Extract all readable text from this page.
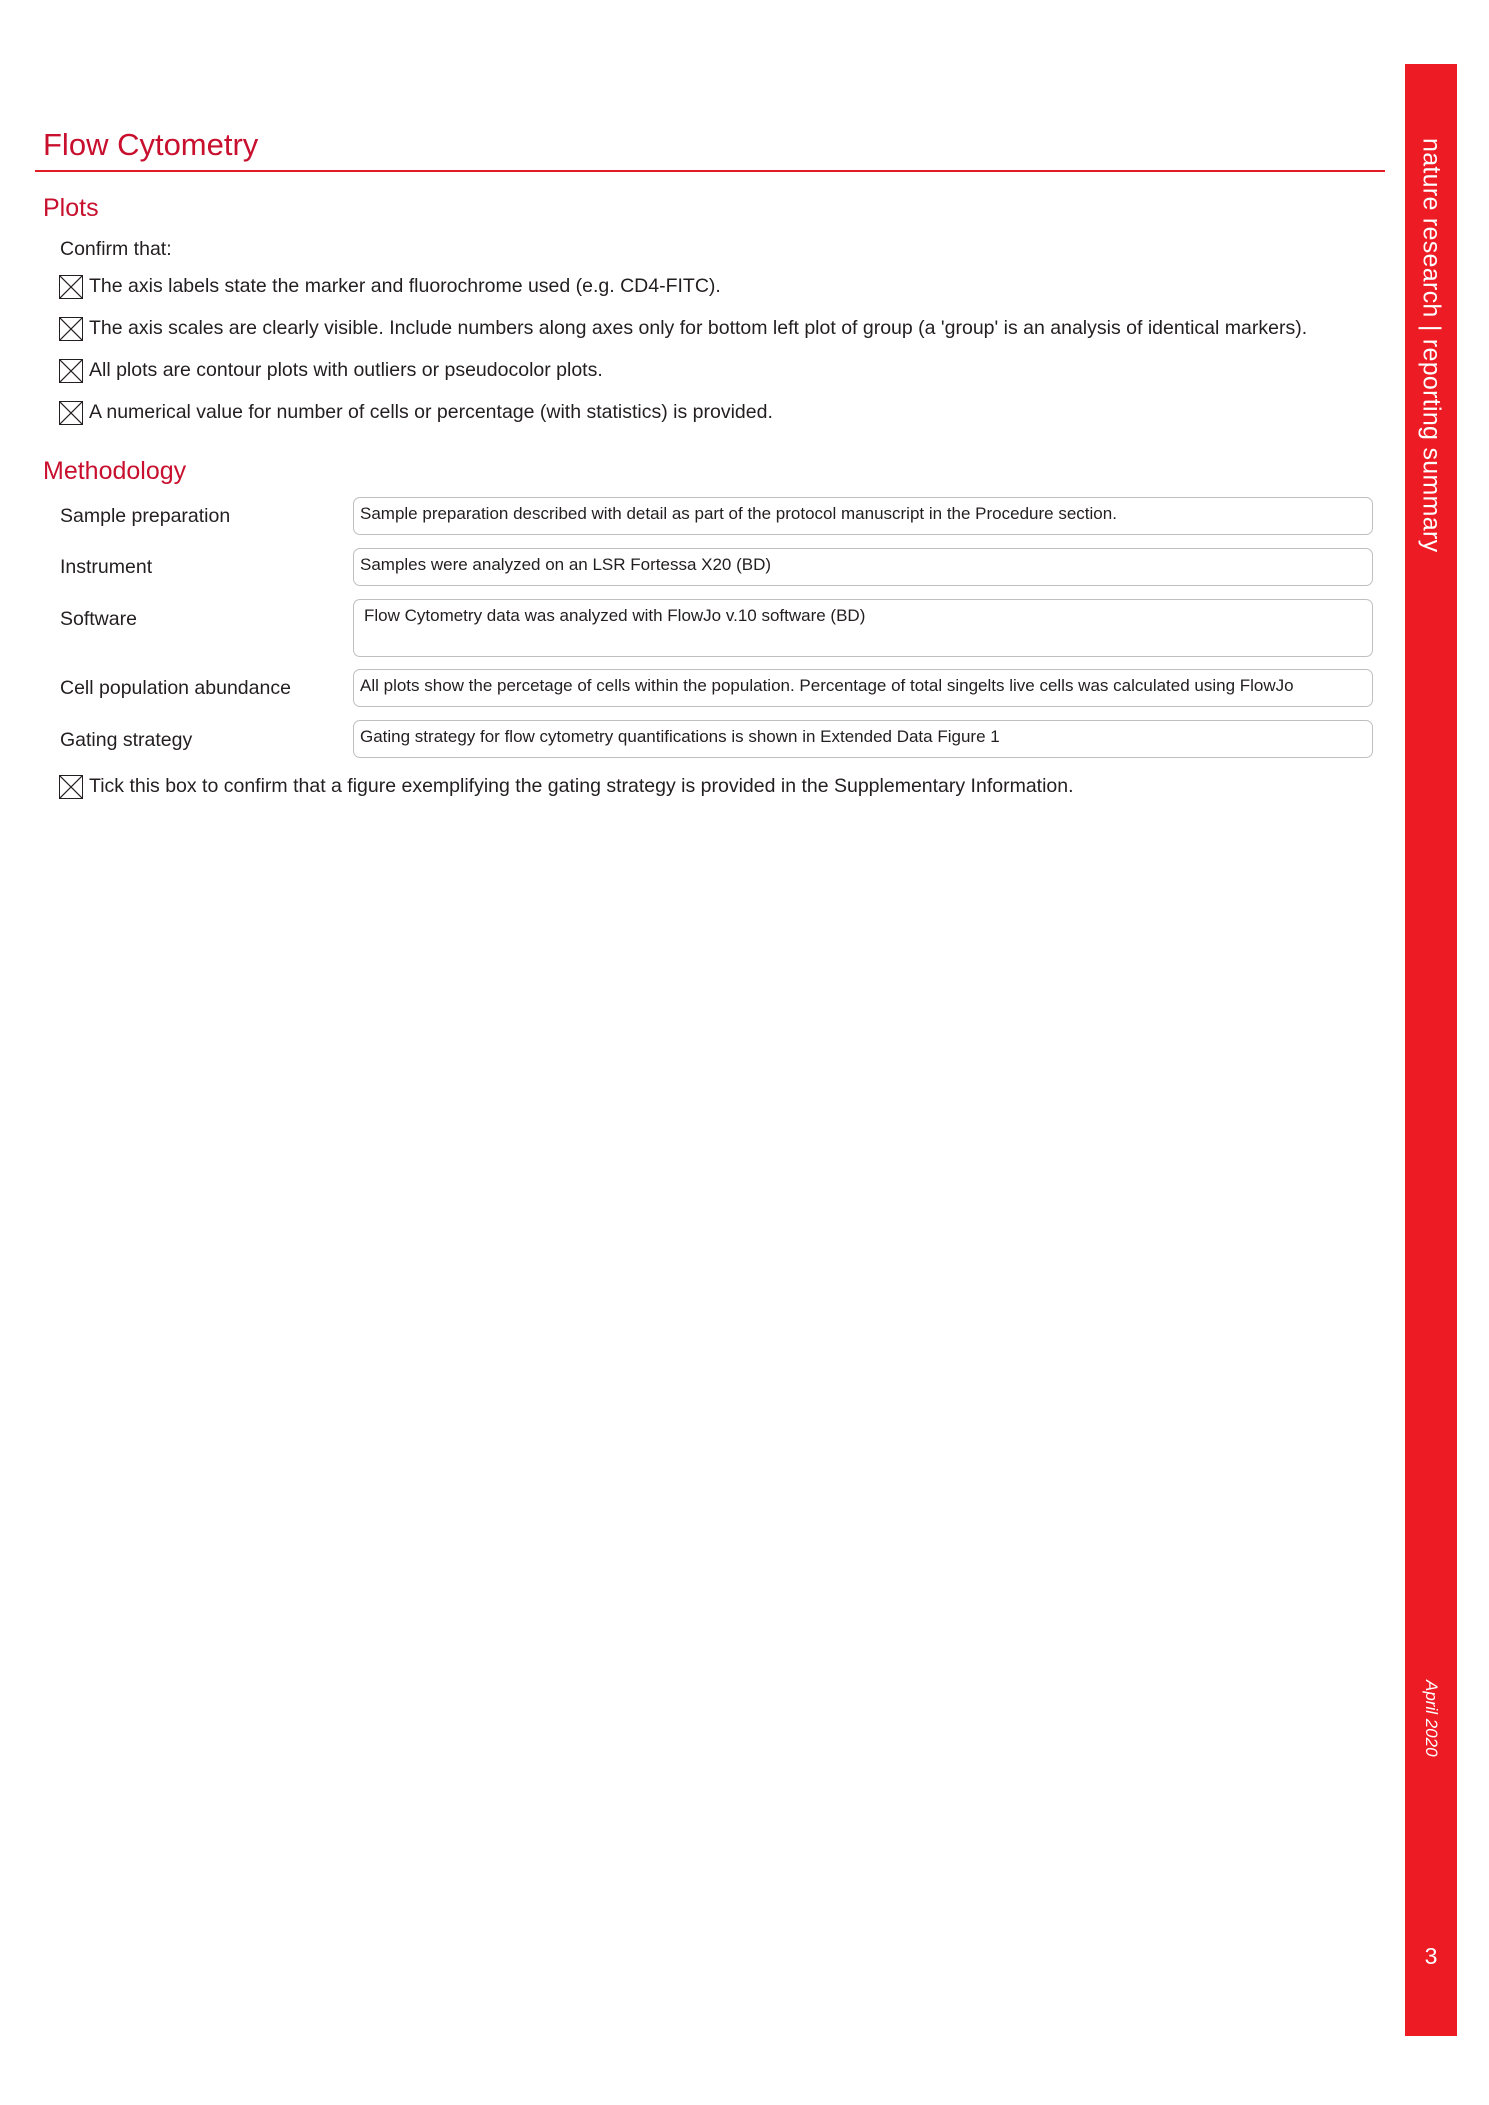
Flow Cytometry
Plots
Confirm that:
The axis labels state the marker and fluorochrome used (e.g. CD4-FITC).
The axis scales are clearly visible. Include numbers along axes only for bottom left plot of group (a 'group' is an analysis of identical markers).
All plots are contour plots with outliers or pseudocolor plots.
A numerical value for number of cells or percentage (with statistics) is provided.
Methodology
Sample preparation	Sample preparation described with detail as part of the protocol manuscript in the Procedure section.
Instrument	Samples were analyzed on an LSR Fortessa X20 (BD)
Software	Flow Cytometry data was analyzed with FlowJo v.10 software (BD)
Cell population abundance	All plots show the percetage of cells within the population. Percentage of total singelts live cells was calculated using FlowJo
Gating strategy	Gating strategy for flow cytometry quantifications is shown in Extended Data Figure 1
Tick this box to confirm that a figure exemplifying the gating strategy is provided in the Supplementary Information.
nature research | reporting summary
April 2020
3
